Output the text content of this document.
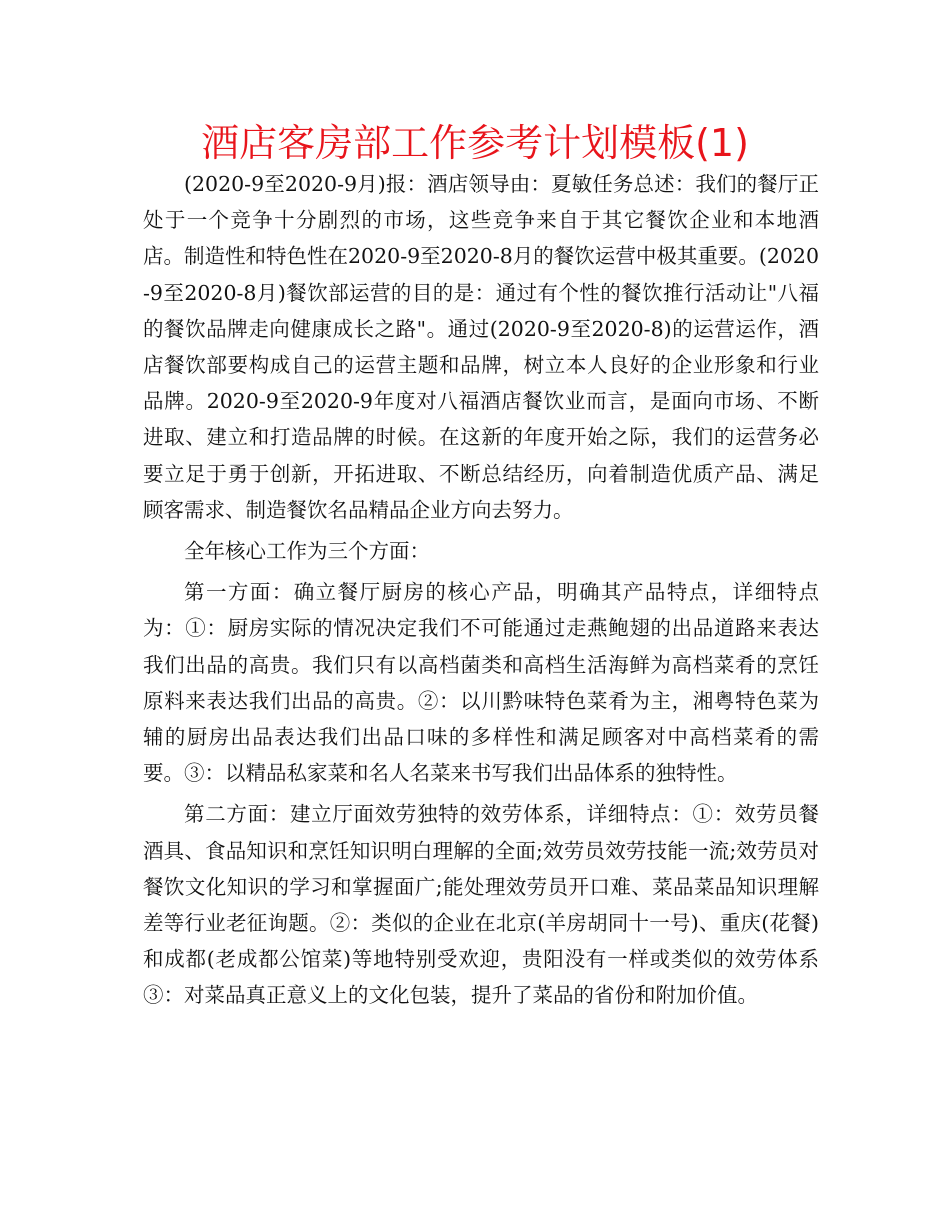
酒店客房部工作参考计划模板(1)

(2020-9至2020-9月)报：酒店领导由：夏敏任务总述：我们的餐厅正处于一个竞争十分剧烈的市场，这些竞争来自于其它餐饮企业和本地酒店。制造性和特色性在2020-9至2020-8月的餐饮运营中极其重要。(2020-9至2020-8月)餐饮部运营的目的是：通过有个性的餐饮推行活动让"八福的餐饮品牌走向健康成长之路"。通过(2020-9至2020-8)的运营运作，酒店餐饮部要构成自己的运营主题和品牌，树立本人良好的企业形象和行业品牌。2020-9至2020-9年度对八福酒店餐饮业而言，是面向市场、不断进取、建立和打造品牌的时候。在这新的年度开始之际，我们的运营务必要立足于勇于创新，开拓进取、不断总结经历，向着制造优质产品、满足顾客需求、制造餐饮名品精品企业方向去努力。

全年核心工作为三个方面：

第一方面：确立餐厅厨房的核心产品，明确其产品特点，详细特点为：①：厨房实际的情况决定我们不可能通过走燕鲍翅的出品道路来表达我们出品的高贵。我们只有以高档菌类和高档生活海鲜为高档菜肴的烹饪原料来表达我们出品的高贵。②：以川黔味特色菜肴为主，湘粤特色菜为辅的厨房出品表达我们出品口味的多样性和满足顾客对中高档菜肴的需要。③：以精品私家菜和名人名菜来书写我们出品体系的独特性。

第二方面：建立厅面效劳独特的效劳体系，详细特点：①：效劳员餐酒具、食品知识和烹饪知识明白理解的全面;效劳员效劳技能一流;效劳员对餐饮文化知识的学习和掌握面广;能处理效劳员开口难、菜品菜品知识理解差等行业老征询题。②：类似的企业在北京(羊房胡同十一号)、重庆(花餐)和成都(老成都公馆菜)等地特别受欢迎，贵阳没有一样或类似的效劳体系③：对菜品真正意义上的文化包装，提升了菜品的省份和附加价值。
